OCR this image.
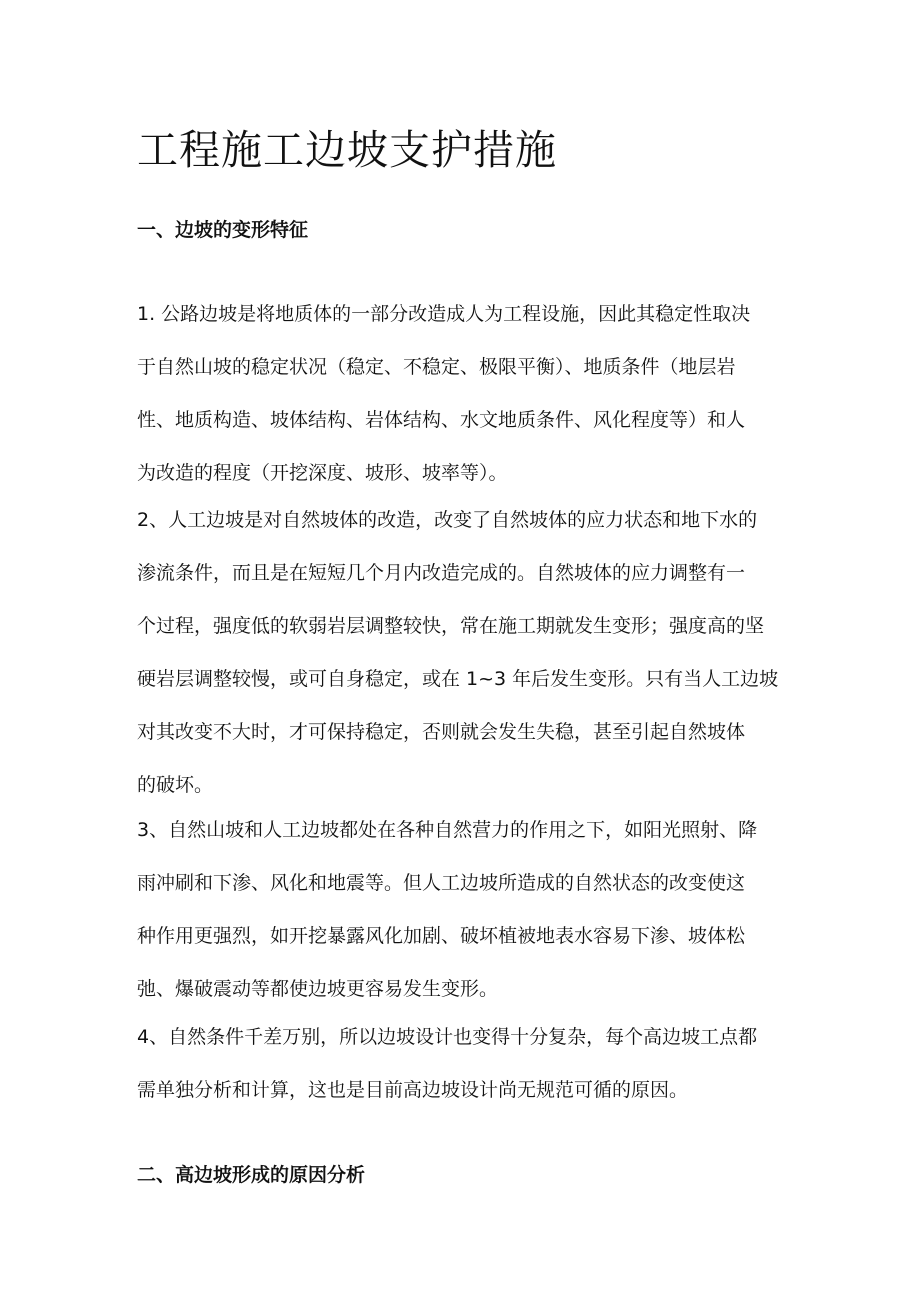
工程施工边坡支护措施
一、边坡的变形特征

1. 公路边坡是将地质体的一部分改造成人为工程设施，因此其稳定性取决
于自然山坡的稳定状况（稳定、不稳定、极限平衡）、地质条件（地层岩
性、地质构造、坡体结构、岩体结构、水文地质条件、风化程度等）和人
为改造的程度（开挖深度、坡形、坡率等）。

2、人工边坡是对自然坡体的改造，改变了自然坡体的应力状态和地下水的
渗流条件，而且是在短短几个月内改造完成的。自然坡体的应力调整有一
个过程，强度低的软弱岩层调整较快，常在施工期就发生变形；强度高的坚
硬岩层调整较慢，或可自身稳定，或在 1~3 年后发生变形。只有当人工边坡
对其改变不大时，才可保持稳定，否则就会发生失稳，甚至引起自然坡体
的破坏。

3、自然山坡和人工边坡都处在各种自然营力的作用之下，如阳光照射、降
雨冲刷和下渗、风化和地震等。但人工边坡所造成的自然状态的改变使这
种作用更强烈，如开挖暴露风化加剧、破坏植被地表水容易下渗、坡体松
弛、爆破震动等都使边坡更容易发生变形。

4、自然条件千差万别，所以边坡设计也变得十分复杂，每个高边坡工点都
需单独分析和计算，这也是目前高边坡设计尚无规范可循的原因。

二、高边坡形成的原因分析
